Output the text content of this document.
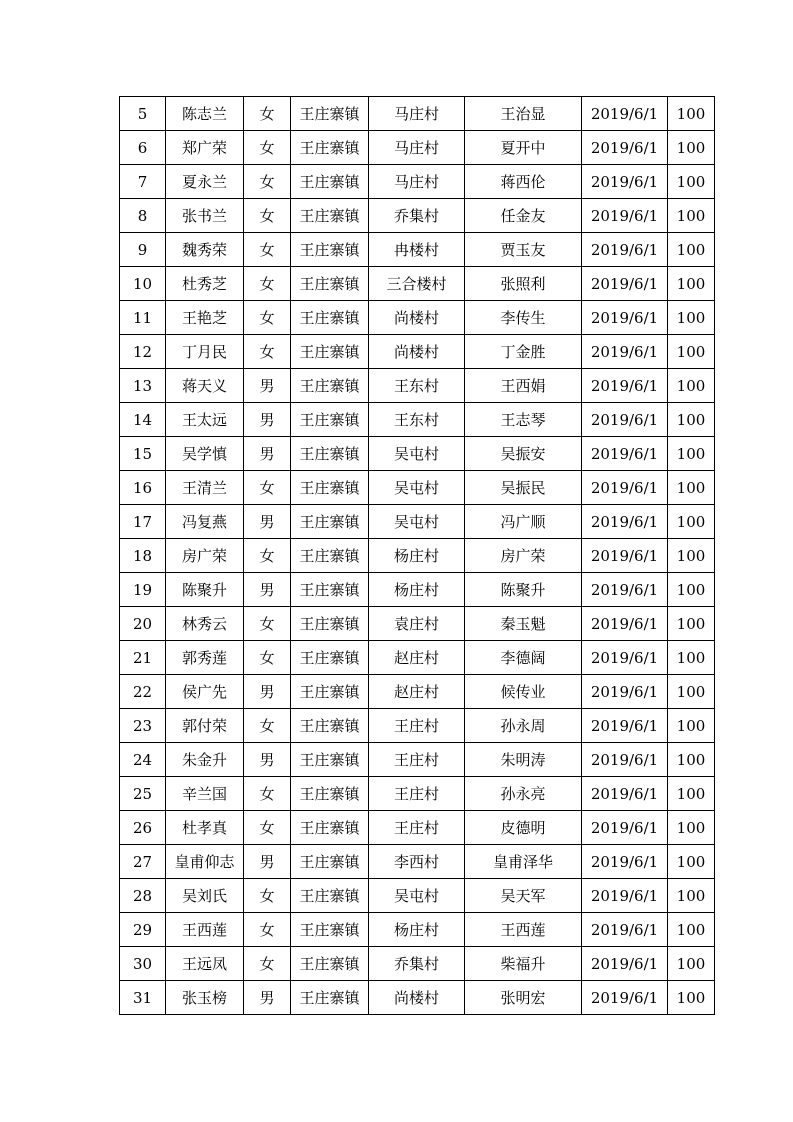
5	陈志兰	女	王庄寨镇	马庄村	王治显	2019/6/1	100
6	郑广荣	女	王庄寨镇	马庄村	夏开中	2019/6/1	100
7	夏永兰	女	王庄寨镇	马庄村	蒋西伦	2019/6/1	100
8	张书兰	女	王庄寨镇	乔集村	任金友	2019/6/1	100
9	魏秀荣	女	王庄寨镇	冉楼村	贾玉友	2019/6/1	100
10	杜秀芝	女	王庄寨镇	三合楼村	张照利	2019/6/1	100
11	王艳芝	女	王庄寨镇	尚楼村	李传生	2019/6/1	100
12	丁月民	女	王庄寨镇	尚楼村	丁金胜	2019/6/1	100
13	蒋天义	男	王庄寨镇	王东村	王西娟	2019/6/1	100
14	王太远	男	王庄寨镇	王东村	王志琴	2019/6/1	100
15	吴学慎	男	王庄寨镇	吴屯村	吴振安	2019/6/1	100
16	王清兰	女	王庄寨镇	吴屯村	吴振民	2019/6/1	100
17	冯复燕	男	王庄寨镇	吴屯村	冯广顺	2019/6/1	100
18	房广荣	女	王庄寨镇	杨庄村	房广荣	2019/6/1	100
19	陈聚升	男	王庄寨镇	杨庄村	陈聚升	2019/6/1	100
20	林秀云	女	王庄寨镇	袁庄村	秦玉魁	2019/6/1	100
21	郭秀莲	女	王庄寨镇	赵庄村	李德阔	2019/6/1	100
22	侯广先	男	王庄寨镇	赵庄村	候传业	2019/6/1	100
23	郭付荣	女	王庄寨镇	王庄村	孙永周	2019/6/1	100
24	朱金升	男	王庄寨镇	王庄村	朱明涛	2019/6/1	100
25	辛兰国	女	王庄寨镇	王庄村	孙永亮	2019/6/1	100
26	杜孝真	女	王庄寨镇	王庄村	皮德明	2019/6/1	100
27	皇甫仰志	男	王庄寨镇	李西村	皇甫泽华	2019/6/1	100
28	吴刘氏	女	王庄寨镇	吴屯村	吴天军	2019/6/1	100
29	王西莲	女	王庄寨镇	杨庄村	王西莲	2019/6/1	100
30	王远凤	女	王庄寨镇	乔集村	柴福升	2019/6/1	100
31	张玉榜	男	王庄寨镇	尚楼村	张明宏	2019/6/1	100
